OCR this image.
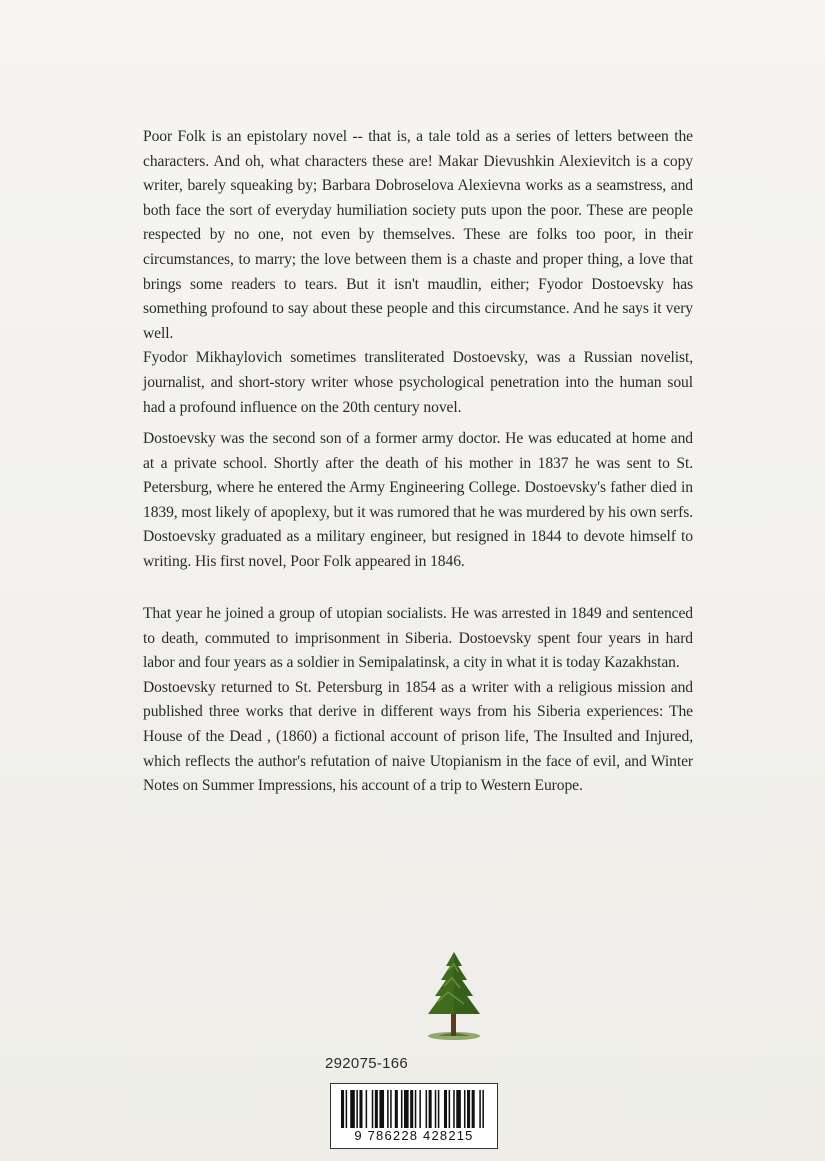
Poor Folk is an epistolary novel -- that is, a tale told as a series of letters between the characters. And oh, what characters these are! Makar Dievushkin Alexievitch is a copy writer, barely squeaking by; Barbara Dobroselova Alexievna works as a seamstress, and both face the sort of everyday humiliation society puts upon the poor. These are people respected by no one, not even by themselves. These are folks too poor, in their circumstances, to marry; the love between them is a chaste and proper thing, a love that brings some readers to tears. But it isn't maudlin, either; Fyodor Dostoevsky has something profound to say about these people and this circumstance. And he says it very well.

Fyodor Mikhaylovich sometimes transliterated Dostoevsky, was a Russian novelist, journalist, and short-story writer whose psychological penetration into the human soul had a profound influence on the 20th century novel.

Dostoevsky was the second son of a former army doctor. He was educated at home and at a private school. Shortly after the death of his mother in 1837 he was sent to St. Petersburg, where he entered the Army Engineering College. Dostoevsky's father died in 1839, most likely of apoplexy, but it was rumored that he was murdered by his own serfs. Dostoevsky graduated as a military engineer, but resigned in 1844 to devote himself to writing. His first novel, Poor Folk appeared in 1846.

That year he joined a group of utopian socialists. He was arrested in 1849 and sentenced to death, commuted to imprisonment in Siberia. Dostoevsky spent four years in hard labor and four years as a soldier in Semipalatinsk, a city in what it is today Kazakhstan.

Dostoevsky returned to St. Petersburg in 1854 as a writer with a religious mission and published three works that derive in different ways from his Siberia experiences: The House of the Dead , (1860) a fictional account of prison life, The Insulted and Injured, which reflects the author's refutation of naive Utopianism in the face of evil, and Winter Notes on Summer Impressions, his account of a trip to Western Europe.

292075-166
9 786228 428215
